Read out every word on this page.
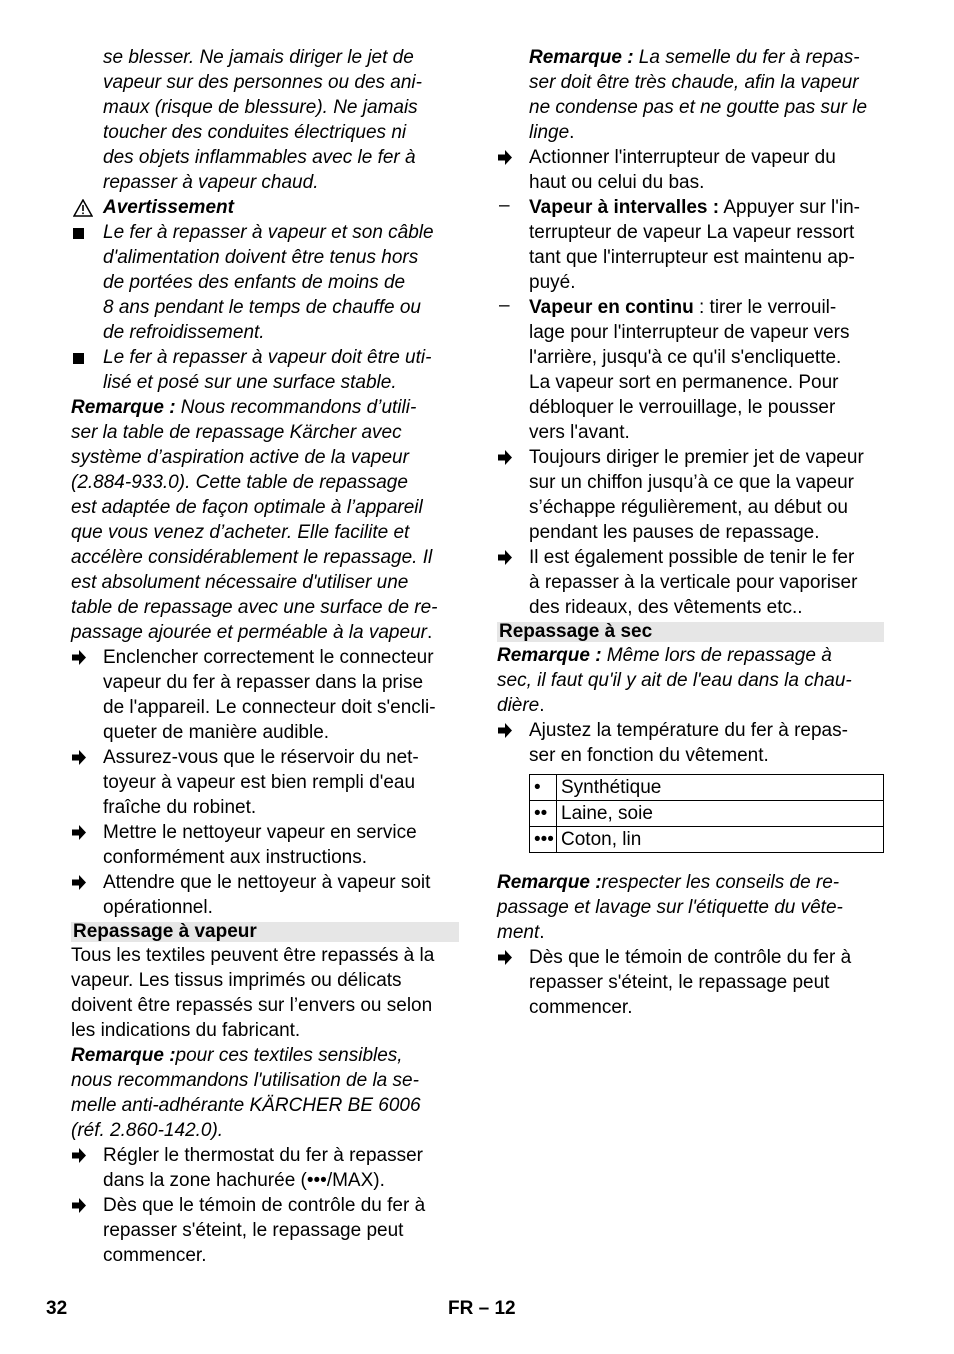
se blesser. Ne jamais diriger le jet de
vapeur sur des personnes ou des ani-
maux (risque de blessure). Ne jamais
toucher des conduites électriques ni
des objets inflammables avec le fer à
repasser à vapeur chaud.
Avertissement
Le fer à repasser à vapeur et son câble
d'alimentation doivent être tenus hors
de portées des enfants de moins de
8 ans pendant le temps de chauffe ou
de refroidissement.
Le fer à repasser à vapeur doit être uti-
lisé et posé sur une surface stable.
Remarque : Nous recommandons d’utili-
ser la table de repassage Kärcher avec
système d’aspiration active de la vapeur
(2.884-933.0). Cette table de repassage
est adaptée de façon optimale à l’appareil
que vous venez d’acheter. Elle facilite et
accélère considérablement le repassage. Il
est absolument nécessaire d'utiliser une
table de repassage avec une surface de re-
passage ajourée et perméable à la vapeur.
Enclencher correctement le connecteur
vapeur du fer à repasser dans la prise
de l'appareil. Le connecteur doit s'encli-
queter de manière audible.
Assurez-vous que le réservoir du net-
toyeur à vapeur est bien rempli d'eau
fraîche du robinet.
Mettre le nettoyeur vapeur en service
conformément aux instructions.
Attendre que le nettoyeur à vapeur soit
opérationnel.
Repassage à vapeur
Tous les textiles peuvent être repassés à la
vapeur. Les tissus imprimés ou délicats
doivent être repassés sur l’envers ou selon
les indications du fabricant.
Remarque :pour ces textiles sensibles,
nous recommandons l'utilisation de la se-
melle anti-adhérante KÄRCHER BE 6006
(réf. 2.860-142.0).
Régler le thermostat du fer à repasser
dans la zone hachurée (•••/MAX).
Dès que le témoin de contrôle du fer à
repasser s'éteint, le repassage peut
commencer.
Remarque : La semelle du fer à repas-
ser doit être très chaude, afin la vapeur
ne condense pas et ne goutte pas sur le
linge.
Actionner l'interrupteur de vapeur du
haut ou celui du bas.
–	Vapeur à intervalles : Appuyer sur l'in-
terrupteur de vapeur La vapeur ressort
tant que l'interrupteur est maintenu ap-
puyé.
–	Vapeur en continu : tirer le verrouil-
lage pour l'interrupteur de vapeur vers
l'arrière, jusqu'à ce qu'il s'encliquette.
La vapeur sort en permanence. Pour
débloquer le verrouillage, le pousser
vers l'avant.
Toujours diriger le premier jet de vapeur
sur un chiffon jusqu’à ce que la vapeur
s’échappe régulièrement, au début ou
pendant les pauses de repassage.
Il est également possible de tenir le fer
à repasser à la verticale pour vaporiser
des rideaux, des vêtements etc..
Repassage à sec
Remarque : Même lors de repassage à
sec, il faut qu'il y ait de l'eau dans la chau-
dière.
Ajustez la température du fer à repas-
ser en fonction du vêtement.
•	Synthétique
••	Laine, soie
•••	Coton, lin
Remarque :respecter les conseils de re-
passage et lavage sur l'étiquette du vête-
ment.
Dès que le témoin de contrôle du fer à
repasser s'éteint, le repassage peut
commencer.
32	FR – 12
